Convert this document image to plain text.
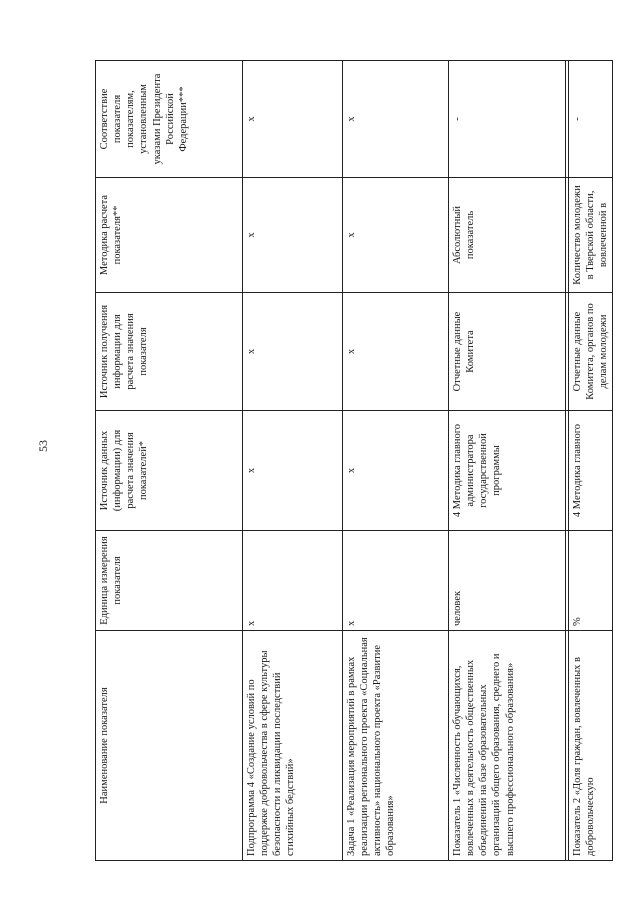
53
Наименование показателя	Единица измерения показателя	Источник данных (информации) для расчета значения показателей*	Источник получения информации для расчета значения показателя	Методика расчета показателя**	Соответствие показателя показателям, установленным указами Президента Российской Федерации***
Подпрограмма 4 «Создание условий по поддержке добровольчества в сфере культуры безопасности и ликвидации последствий стихийных бедствий»	x	x	x	x	x
Задача 1 «Реализация мероприятий в рамках реализации регионального проекта «Социальная активность» национального проекта «Развитие образования»	x	x	x	x	x
Показатель 1 «Численность обучающихся, вовлеченных в деятельность общественных объединений на базе образовательных организаций общего образования, среднего и высшего профессионального образования»	человек	4 Методика главного администратора государственной программы	Отчетные данные Комитета	Абсолютный показатель	-
Показатель 2 «Доля граждан, вовлеченных в добровольческую	%	4 Методика главного	Отчетные данные Комитета, органов по делам молодежи	Количество молодежи в Тверской области, вовлеченной в	-
